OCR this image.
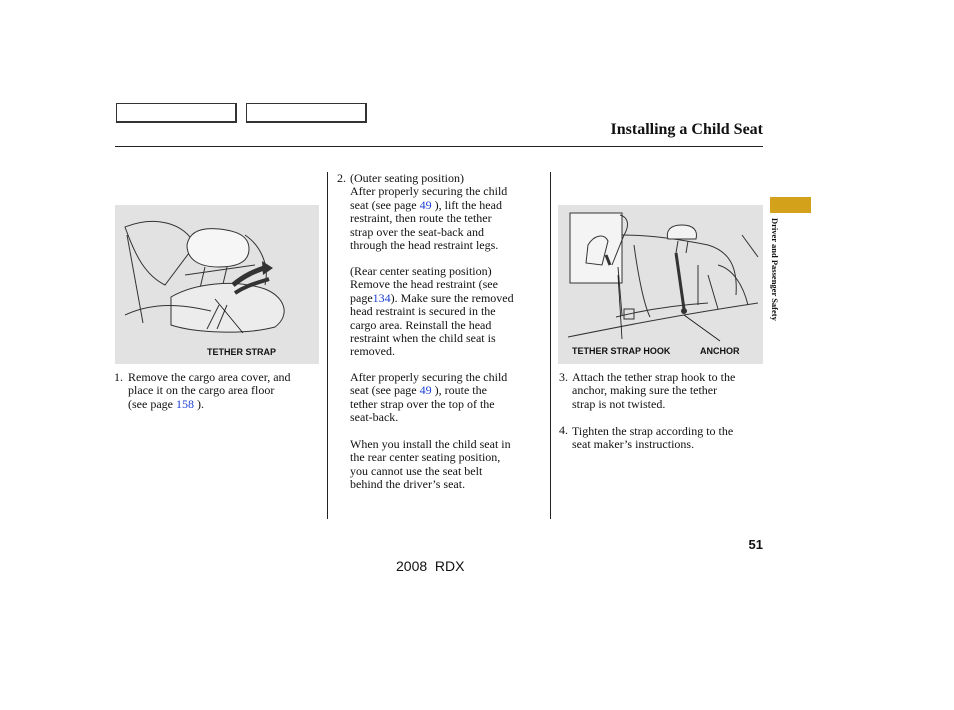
Installing a Child Seat
Driver and Passenger Safety
TETHER STRAP	TETHER STRAP HOOK	ANCHOR
1. Remove the cargo area cover, and
place it on the cargo area floor
(see page 158 ).
2. (Outer seating position)
After properly securing the child
seat (see page 49 ), lift the head
restraint, then route the tether
strap over the seat-back and
through the head restraint legs.
(Rear center seating position)
Remove the head restraint (see
page134). Make sure the removed
head restraint is secured in the
cargo area. Reinstall the head
restraint when the child seat is
removed.
After properly securing the child
seat (see page 49 ), route the
tether strap over the top of the
seat-back.
When you install the child seat in
the rear center seating position,
you cannot use the seat belt
behind the driver’s seat.
3. Attach the tether strap hook to the
anchor, making sure the tether
strap is not twisted.
4. Tighten the strap according to the
seat maker’s instructions.
51
2008  RDX
